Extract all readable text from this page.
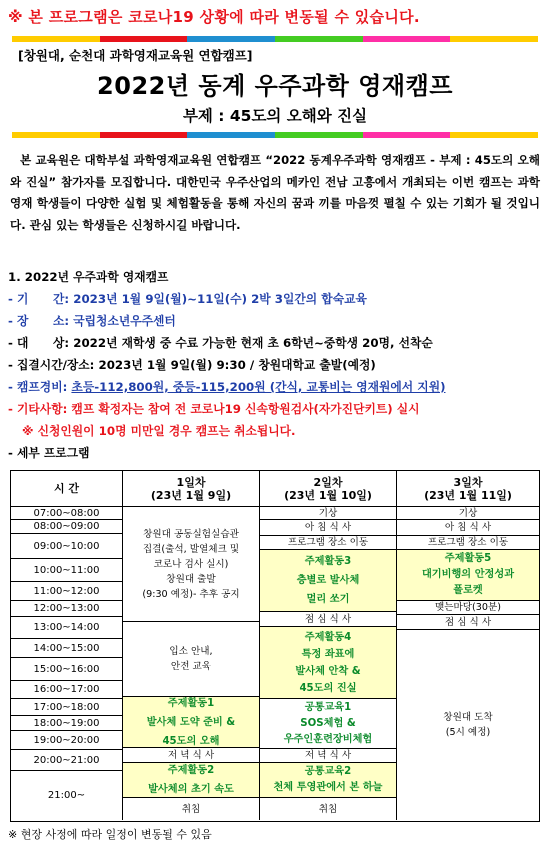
※ 본 프로그램은 코로나19 상황에 따라 변동될 수 있습니다.
[창원대, 순천대 과학영재교육원 연합캠프]
2022년 동계 우주과학 영재캠프
부제 : 45도의 오해와 진실
본 교육원은 대학부설 과학영재교육원 연합캠프 “2022 동계우주과학 영재캠프 - 부제 : 45도의 오해와 진실” 참가자를 모집합니다. 대한민국 우주산업의 메카인 전남 고흥에서 개최되는 이번 캠프는 과학영재 학생들이 다양한 실험 및 체험활동을 통해 자신의 꿈과 끼를 마음껏 펼칠 수 있는 기회가 될 것입니다. 관심 있는 학생들은 신청하시길 바랍니다.
1. 2022년 우주과학 영재캠프
- 기      간: 2023년 1월 9일(월)~11일(수) 2박 3일간의 합숙교육
- 장      소: 국립청소년우주센터
- 대      상: 2022년 재학생 중 수료 가능한 현재 초 6학년~중학생 20명, 선착순
- 집결시간/장소: 2023년 1월 9일(월) 9:30 / 창원대학교 출발(예정)
- 캠프경비: 초등-112,800원, 중등-115,200원 (간식, 교통비는 영재원에서 지원)
- 기타사항: 캠프 확정자는 참여 전 코로나19 신속항원검사(자가진단키트) 실시
※ 신청인원이 10명 미만일 경우 캠프는 취소됩니다.
- 세부 프로그램
시 간	1일차
(23년 1월 9일)
2일차
(23년 1월 10일)
3일차
(23년 1월 11일)
07:00~08:00
08:00~09:00
09:00~10:00
10:00~11:00
11:00~12:00
12:00~13:00
13:00~14:00
14:00~15:00
15:00~16:00
16:00~17:00
17:00~18:00
18:00~19:00
19:00~20:00
20:00~21:00
21:00~
창원대 공동실험실습관
집결(출석, 발열체크 및
코로나 검사 실시)
창원대 출발
(9:30 예정)- 추후 공지
입소 안내,
안전 교육
주제활동1
발사체 도약 준비 &
45도의 오해
저 녁 식 사
주제활동2
발사체의 초기 속도
취침
기상
아 침 식 사
프로그램 장소 이동
주제활동3
층별로 발사체
멀리 쏘기
점 심 식 사
주제활동4
특정 좌표에
발사체 안착 &
45도의 진실
공통교육1
SOS체험 &
우주인훈련장비체험
저 녁 식 사
공통교육2
천체 투영관에서 본 하늘
취침
기상
아 침 식 사
프로그램 장소 이동
주제활동5
대기비행의 안정성과
폴로켓
맺는마당(30분)
점 심 식 사
창원대 도착
(5시 예정)
※ 현장 사정에 따라 일정이 변동될 수 있음
